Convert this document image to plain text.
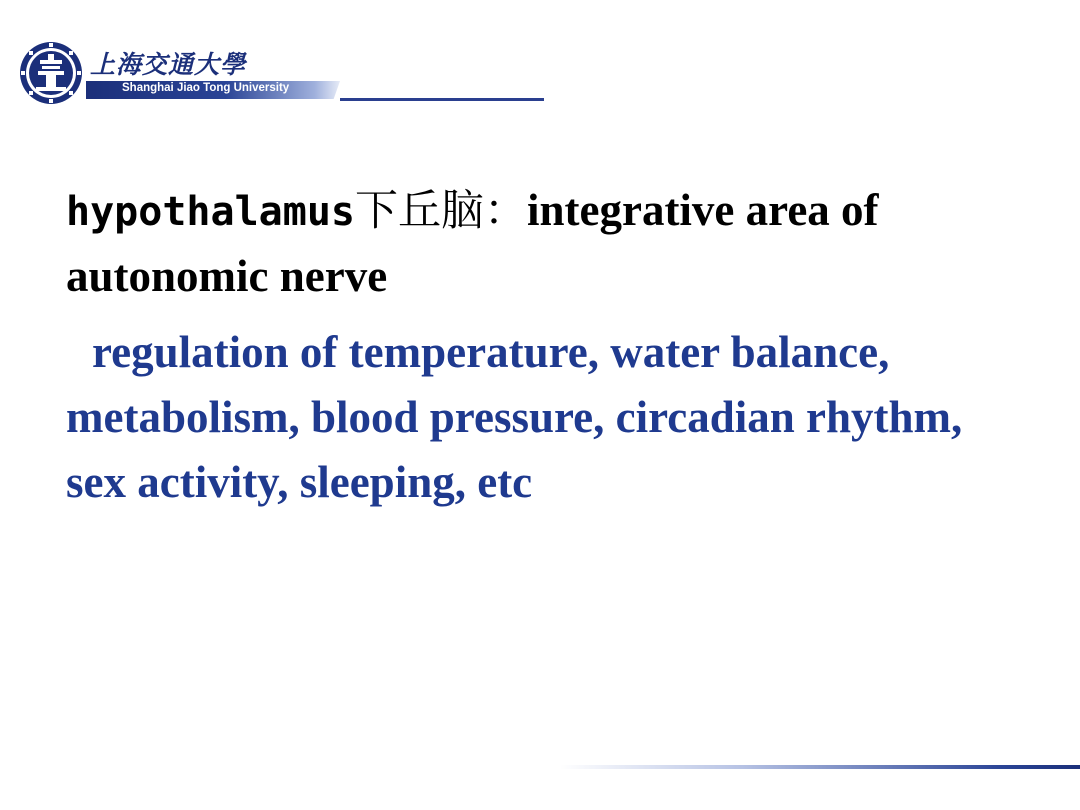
上海交通大學
Shanghai Jiao Tong University

hypothalamus下丘脑：integrative area of autonomic nerve

regulation of temperature, water balance, metabolism, blood pressure, circadian rhythm, sex activity, sleeping, etc
